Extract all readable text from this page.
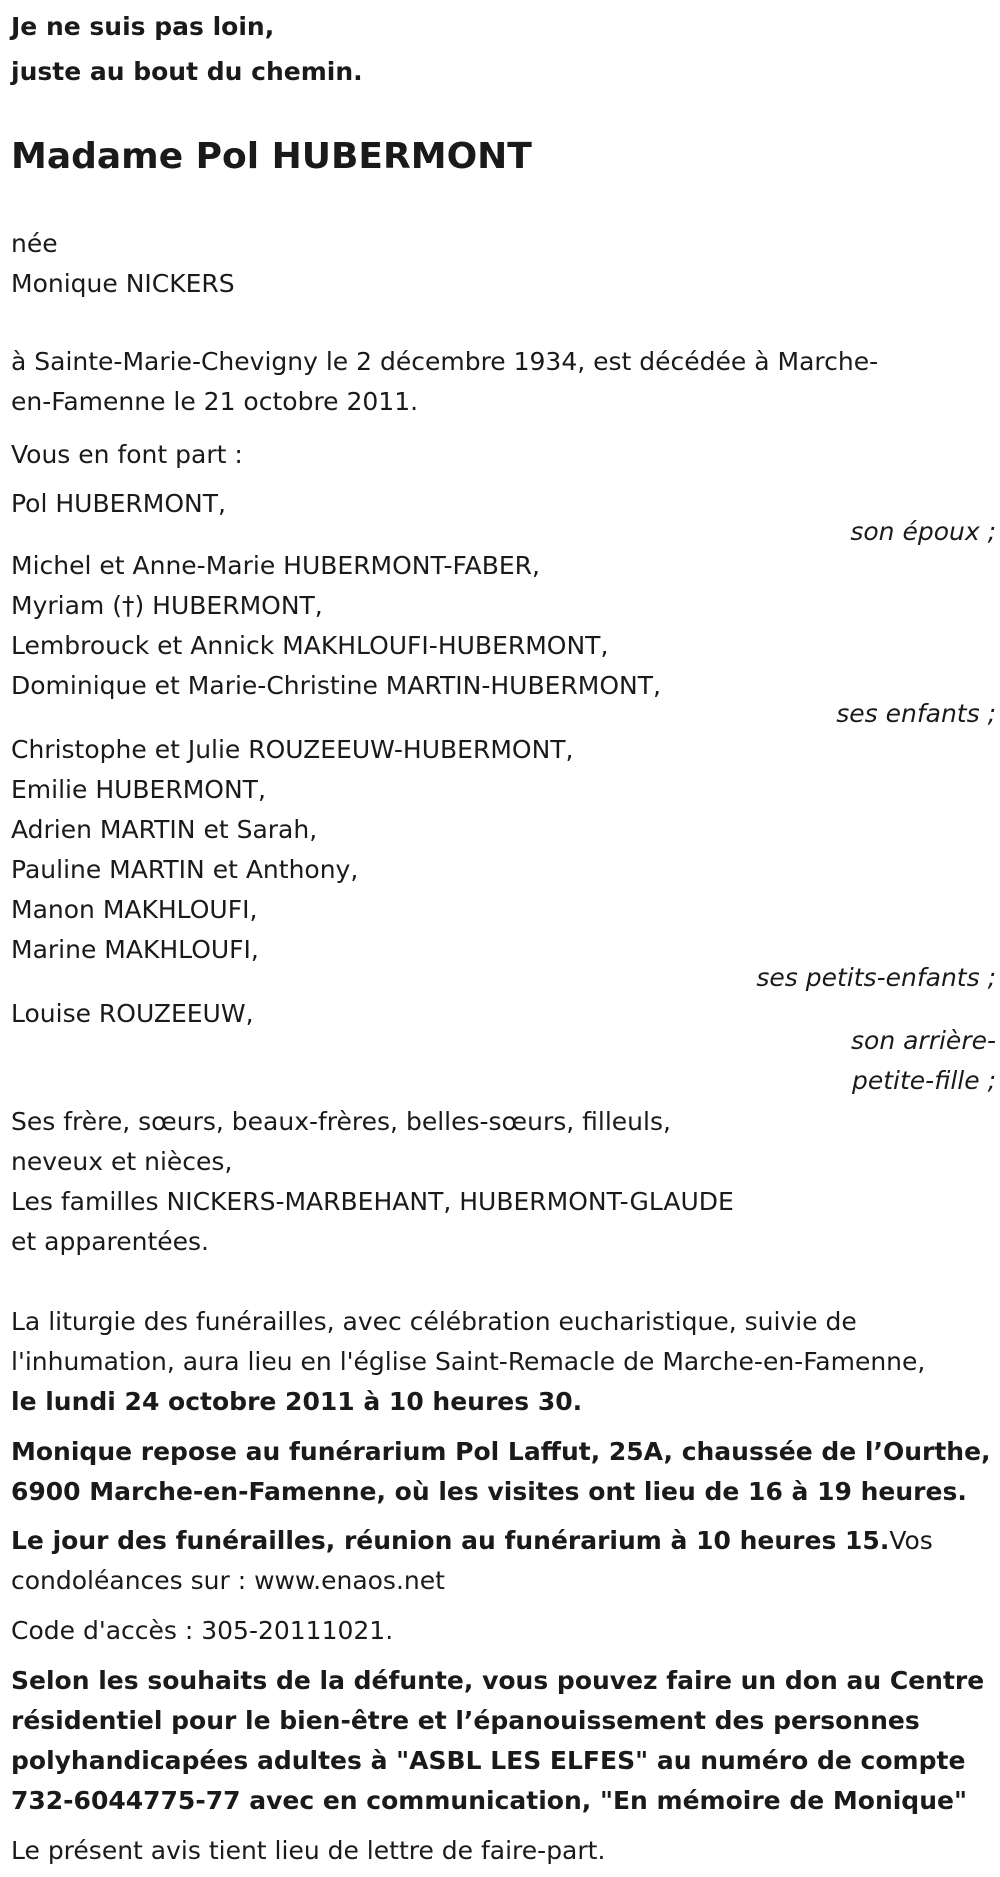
Je ne suis pas loin,
juste au bout du chemin.
Madame Pol HUBERMONT
née
Monique NICKERS
à Sainte-Marie-Chevigny le 2 décembre 1934, est décédée à Marche-
en-Famenne le 21 octobre 2011.
Vous en font part :
Pol HUBERMONT,
son époux ;
Michel et Anne-Marie HUBERMONT-FABER,
Myriam (†) HUBERMONT,
Lembrouck et Annick MAKHLOUFI-HUBERMONT,
Dominique et Marie-Christine MARTIN-HUBERMONT,
ses enfants ;
Christophe et Julie ROUZEEUW-HUBERMONT,
Emilie HUBERMONT,
Adrien MARTIN et Sarah,
Pauline MARTIN et Anthony,
Manon MAKHLOUFI,
Marine MAKHLOUFI,
ses petits-enfants ;
Louise ROUZEEUW,
son arrière-
petite-fille ;
Ses frère, sœurs, beaux-frères, belles-sœurs, filleuls,
neveux et nièces,
Les familles NICKERS-MARBEHANT, HUBERMONT-GLAUDE
et apparentées.
La liturgie des funérailles, avec célébration eucharistique, suivie de
l'inhumation, aura lieu en l'église Saint-Remacle de Marche-en-Famenne,
le lundi 24 octobre 2011 à 10 heures 30.
Monique repose au funérarium Pol Laffut, 25A, chaussée de l’Ourthe,
6900 Marche-en-Famenne, où les visites ont lieu de 16 à 19 heures.
Le jour des funérailles, réunion au funérarium à 10 heures 15.Vos
condoléances sur : www.enaos.net
Code d'accès : 305-20111021.
Selon les souhaits de la défunte, vous pouvez faire un don au Centre
résidentiel pour le bien-être et l’épanouissement des personnes
polyhandicapées adultes à "ASBL LES ELFES" au numéro de compte
732-6044775-77 avec en communication, "En mémoire de Monique"
Le présent avis tient lieu de lettre de faire-part.
